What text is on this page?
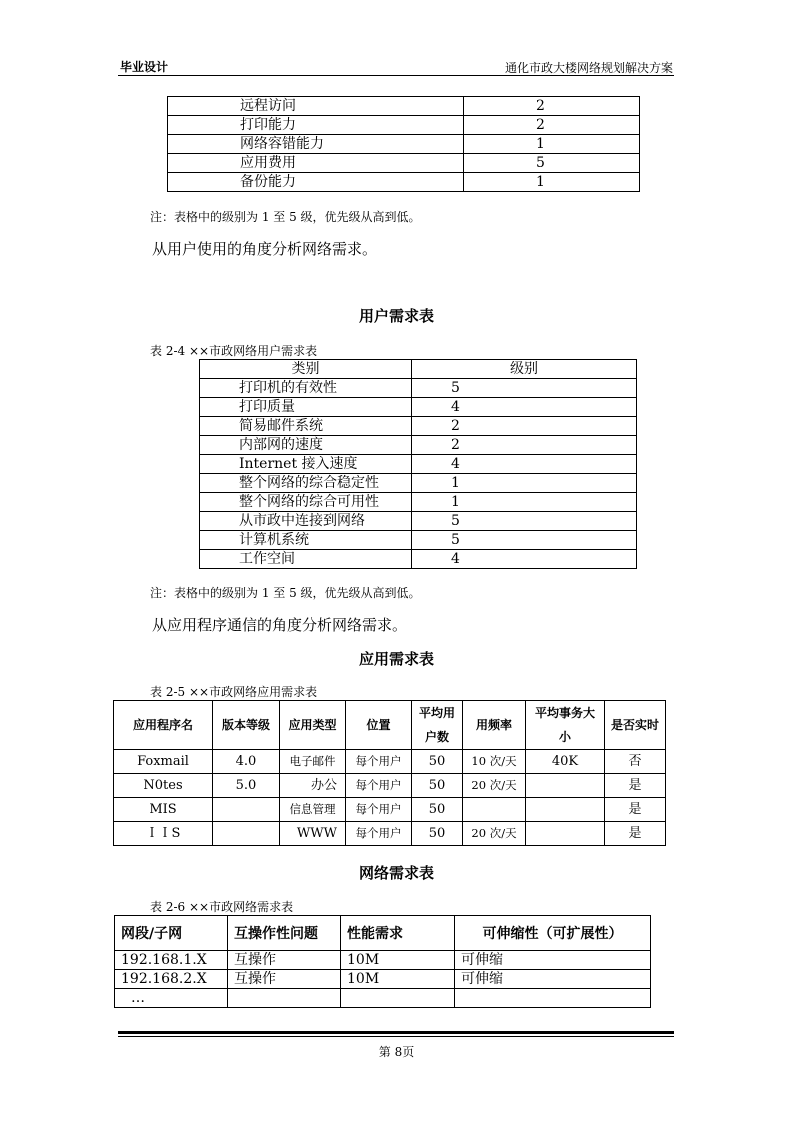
毕业设计	通化市政大楼网络规划解决方案
远程访问	2
打印能力	2
网络容错能力	1
应用费用	5
备份能力	1
注：表格中的级别为 1 至 5 级，优先级从高到低。
从用户使用的角度分析网络需求。
用户需求表
表 2-4 ××市政网络用户需求表
类别	级别
打印机的有效性	5
打印质量	4
简易邮件系统	2
内部网的速度	2
Internet 接入速度	4
整个网络的综合稳定性	1
整个网络的综合可用性	1
从市政中连接到网络	5
计算机系统	5
工作空间	4
注：表格中的级别为 1 至 5 级，优先级从高到低。
从应用程序通信的角度分析网络需求。
应用需求表
表 2-5 ××市政网络应用需求表
应用程序名	版本等级	应用类型	位置	平均用户数	用频率	平均事务大小	是否实时
Foxmail	4.0	电子邮件	每个用户	50	10 次/天	40K	否
N0tes	5.0	办公	每个用户	50	20 次/天		是
MIS		信息管理	每个用户	50			是
ＩＩS		WWW	每个用户	50	20 次/天		是
网络需求表
表 2-6 ××市政网络需求表
网段/子网	互操作性问题	性能需求	可伸缩性（可扩展性）
192.168.1.X	互操作	10M	可伸缩
192.168.2.X	互操作	10M	可伸缩
…			
第 8页
